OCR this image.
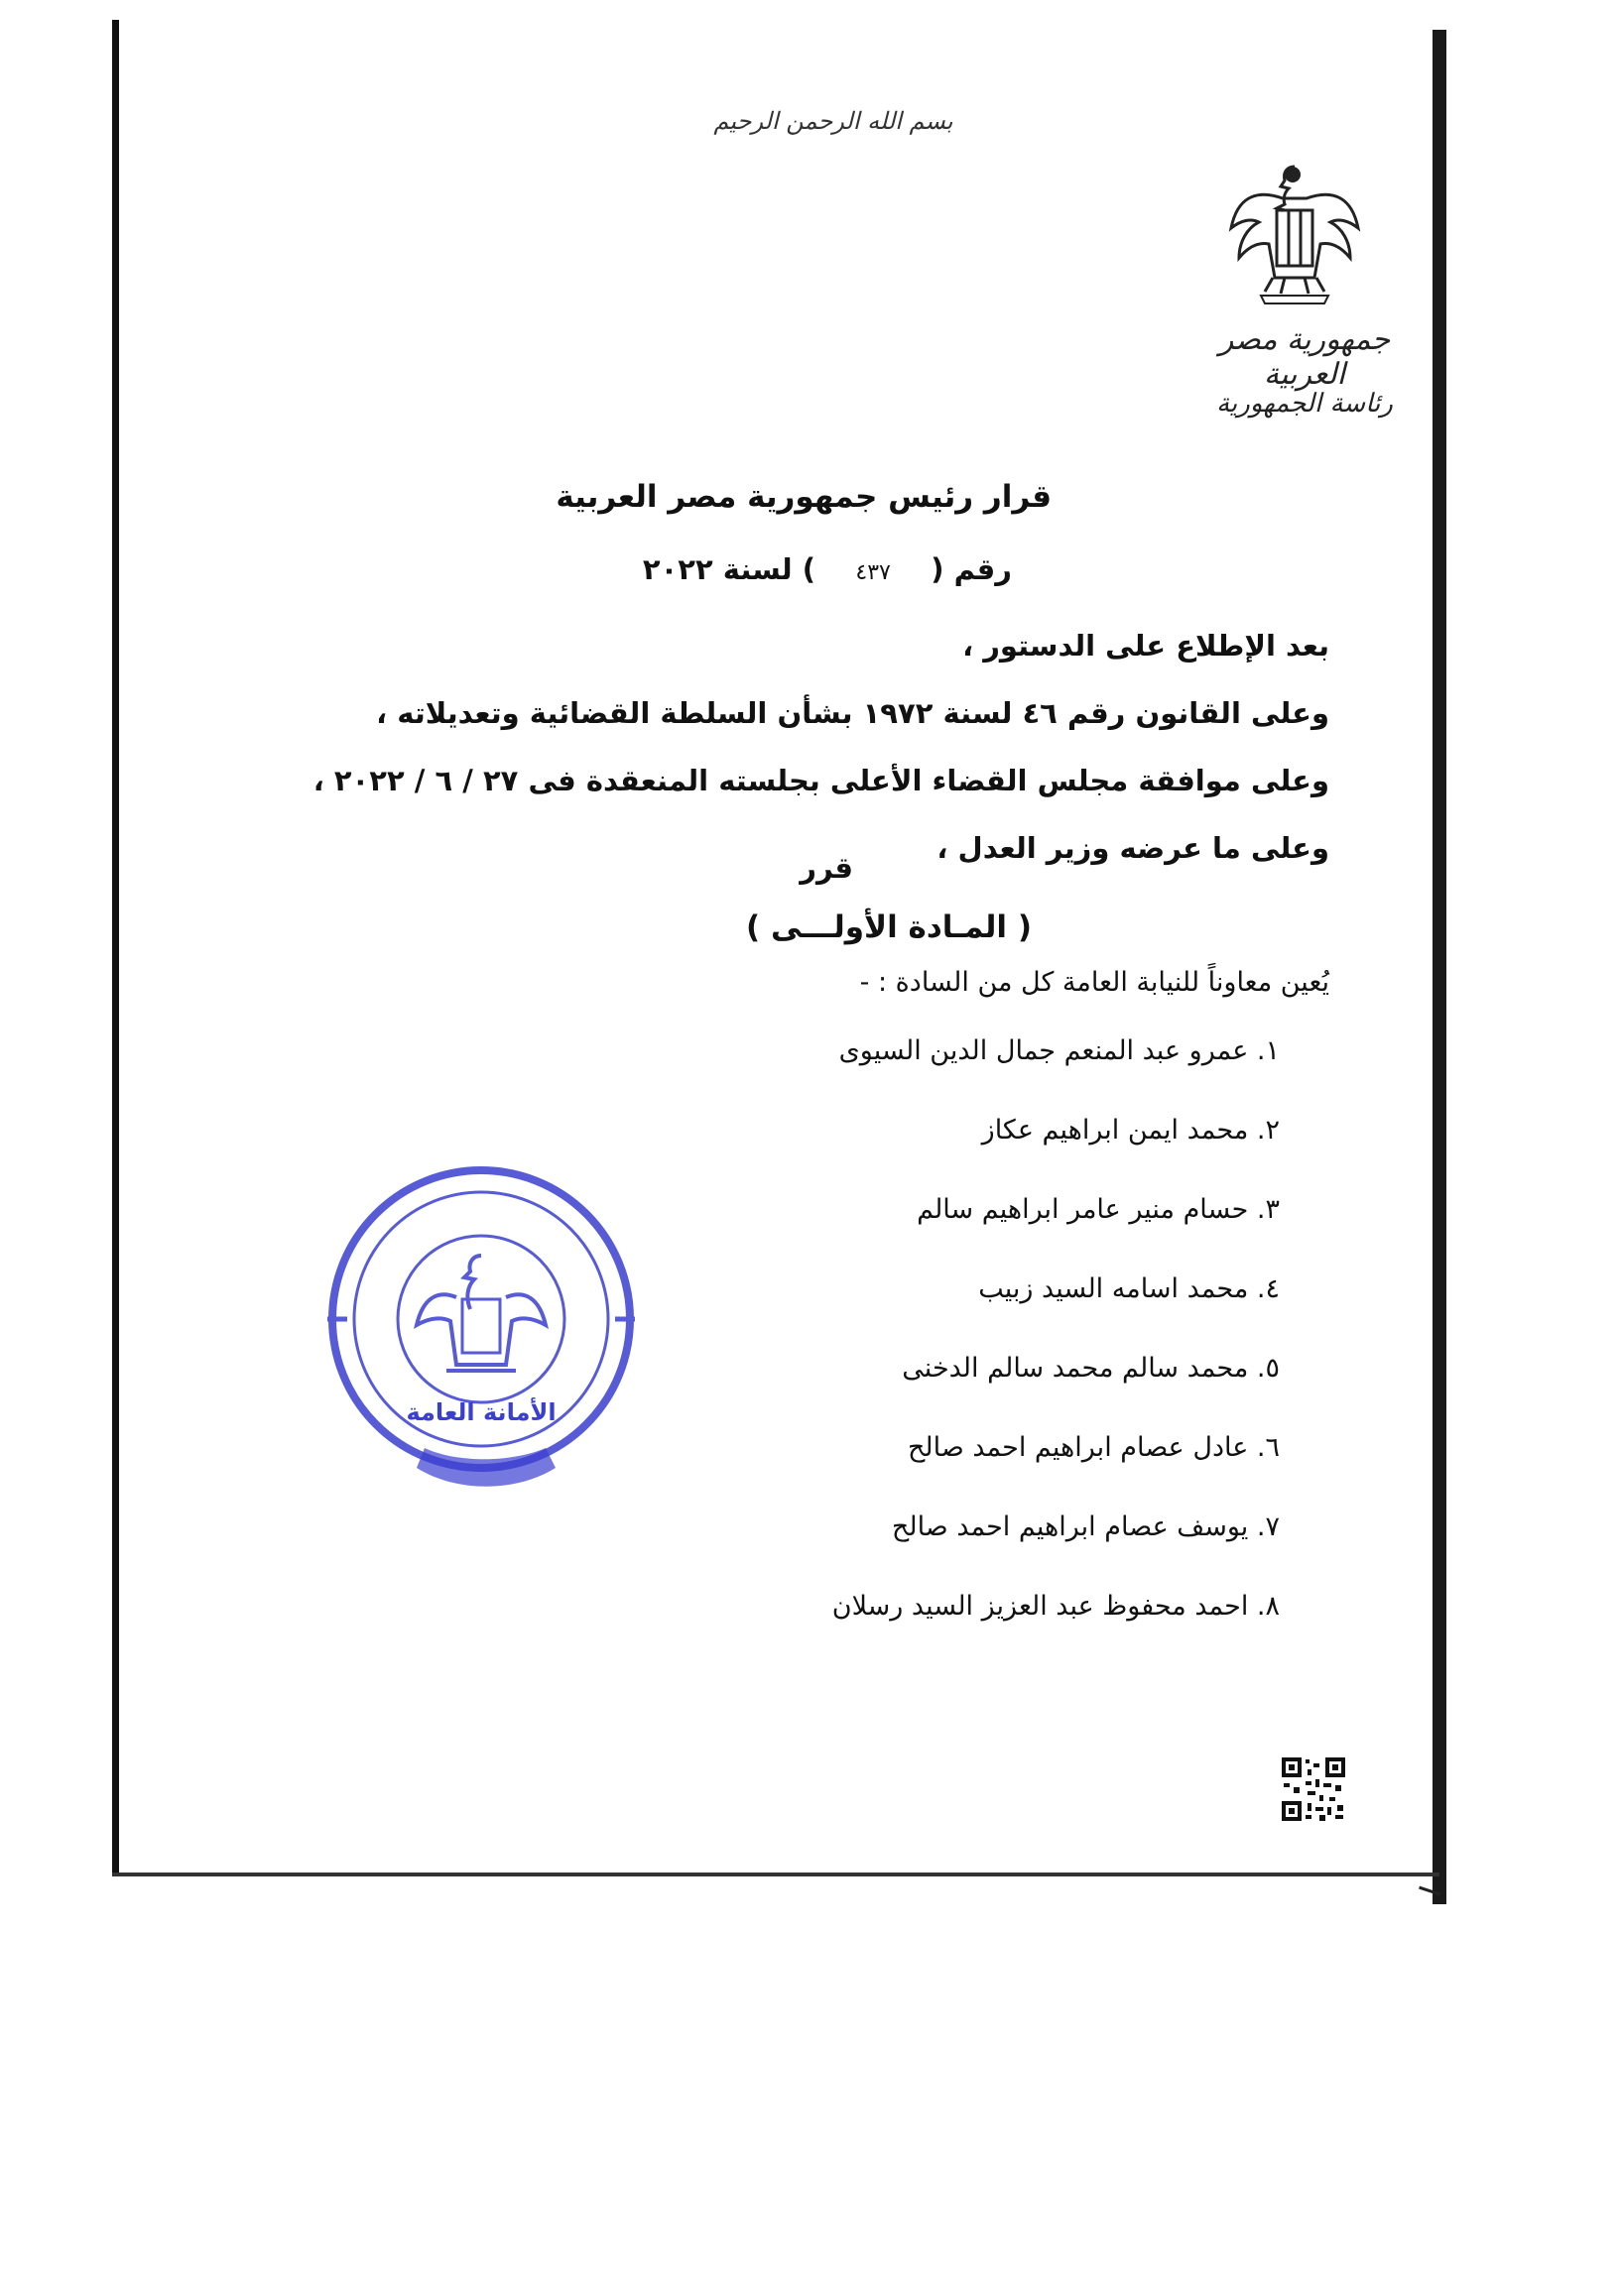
بسم الله الرحمن الرحيم
جمهورية مصر العربية
رئاسة الجمهورية
قرار رئيس جمهورية مصر العربية
رقم (    ٤٣٧    ) لسنة ٢٠٢٢
بعد الإطلاع على الدستور ،
وعلى القانون رقم ٤٦ لسنة ١٩٧٢ بشأن السلطة القضائية وتعديلاته ،
وعلى موافقة مجلس القضاء الأعلى بجلسته المنعقدة فى ٢٧ / ٦ / ٢٠٢٢ ،
وعلى ما عرضه وزير العدل ،
قرر
( المـادة الأولـــى )
يُعين معاوناً للنيابة العامة كل من السادة : -
١. عمرو عبد المنعم جمال الدين السيوى
٢. محمد ايمن ابراهيم عكاز
٣. حسام منير عامر ابراهيم سالم
٤. محمد اسامه السيد زبيب
٥. محمد سالم محمد سالم الدخنى
٦. عادل عصام ابراهيم احمد صالح
٧. يوسف عصام ابراهيم احمد صالح
٨. احمد محفوظ عبد العزيز السيد رسلان
الأمانة العامة
